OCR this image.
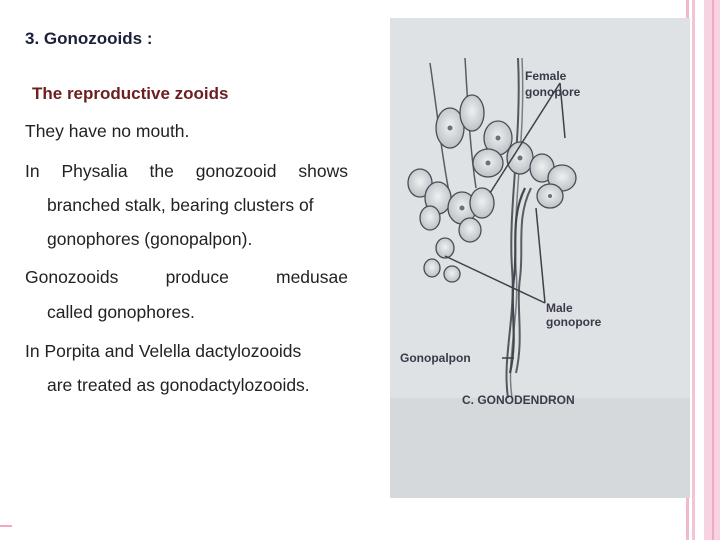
3. Gonozooids :
The reproductive zooids

They have no mouth.

In Physalia the gonozooid shows

branched stalk, bearing clusters of

gonophores (gonopalpon).

Gonozooids produce medusae

called gonophores.

In Porpita and Velella dactylozooids

are treated as gonodactylozooids.

Female
gonopore
Male
gonopore
Gonopalpon
C. GONODENDRON
